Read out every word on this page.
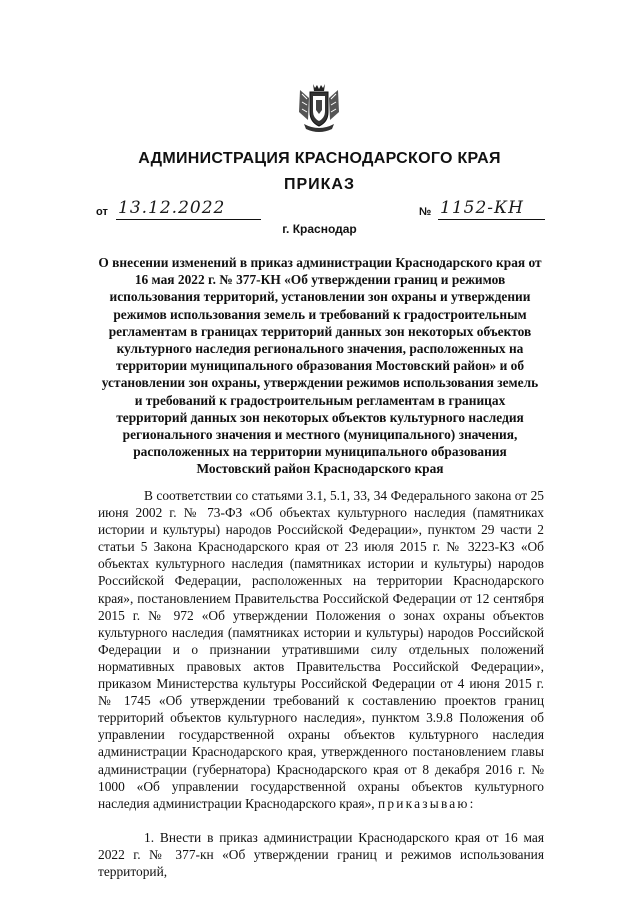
АДМИНИСТРАЦИЯ КРАСНОДАРСКОГО КРАЯ
ПРИКАЗ
от 13.12.2022	№ 1152-КН
г. Краснодар
О внесении изменений в приказ администрации Краснодарского края от 16 мая 2022 г. № 377-КН «Об утверждении границ и режимов использования территорий, установлении зон охраны и утверждении режимов использования земель и требований к градостроительным регламентам в границах территорий данных зон некоторых объектов культурного наследия регионального значения, расположенных на территории муниципального образования Мостовский район» и об установлении зон охраны, утверждении режимов использования земель и требований к градостроительным регламентам в границах территорий данных зон некоторых объектов культурного наследия регионального значения и местного (муниципального) значения, расположенных на территории муниципального образования Мостовский район Краснодарского края
В соответствии со статьями 3.1, 5.1, 33, 34 Федерального закона от 25 июня 2002 г. № 73-ФЗ «Об объектах культурного наследия (памятниках истории и культуры) народов Российской Федерации», пунктом 29 части 2 статьи 5 Закона Краснодарского края от 23 июля 2015 г. № 3223-КЗ «Об объектах культурного наследия (памятниках истории и культуры) народов Российской Федерации, расположенных на территории Краснодарского края», постановлением Правительства Российской Федерации от 12 сентября 2015 г. № 972 «Об утверждении Положения о зонах охраны объектов культурного наследия (памятниках истории и культуры) народов Российской Федерации и о признании утратившими силу отдельных положений нормативных правовых актов Правительства Российской Федерации», приказом Министерства культуры Российской Федерации от 4 июня 2015 г. № 1745 «Об утверждении требований к составлению проектов границ территорий объектов культурного наследия», пунктом 3.9.8 Положения об управлении государственной охраны объектов культурного наследия администрации Краснодарского края, утвержденного постановлением главы администрации (губернатора) Краснодарского края от 8 декабря 2016 г. № 1000 «Об управлении государственной охраны объектов культурного наследия администрации Краснодарского края», приказываю:
1. Внести в приказ администрации Краснодарского края от 16 мая 2022 г. № 377-кн «Об утверждении границ и режимов использования территорий,
